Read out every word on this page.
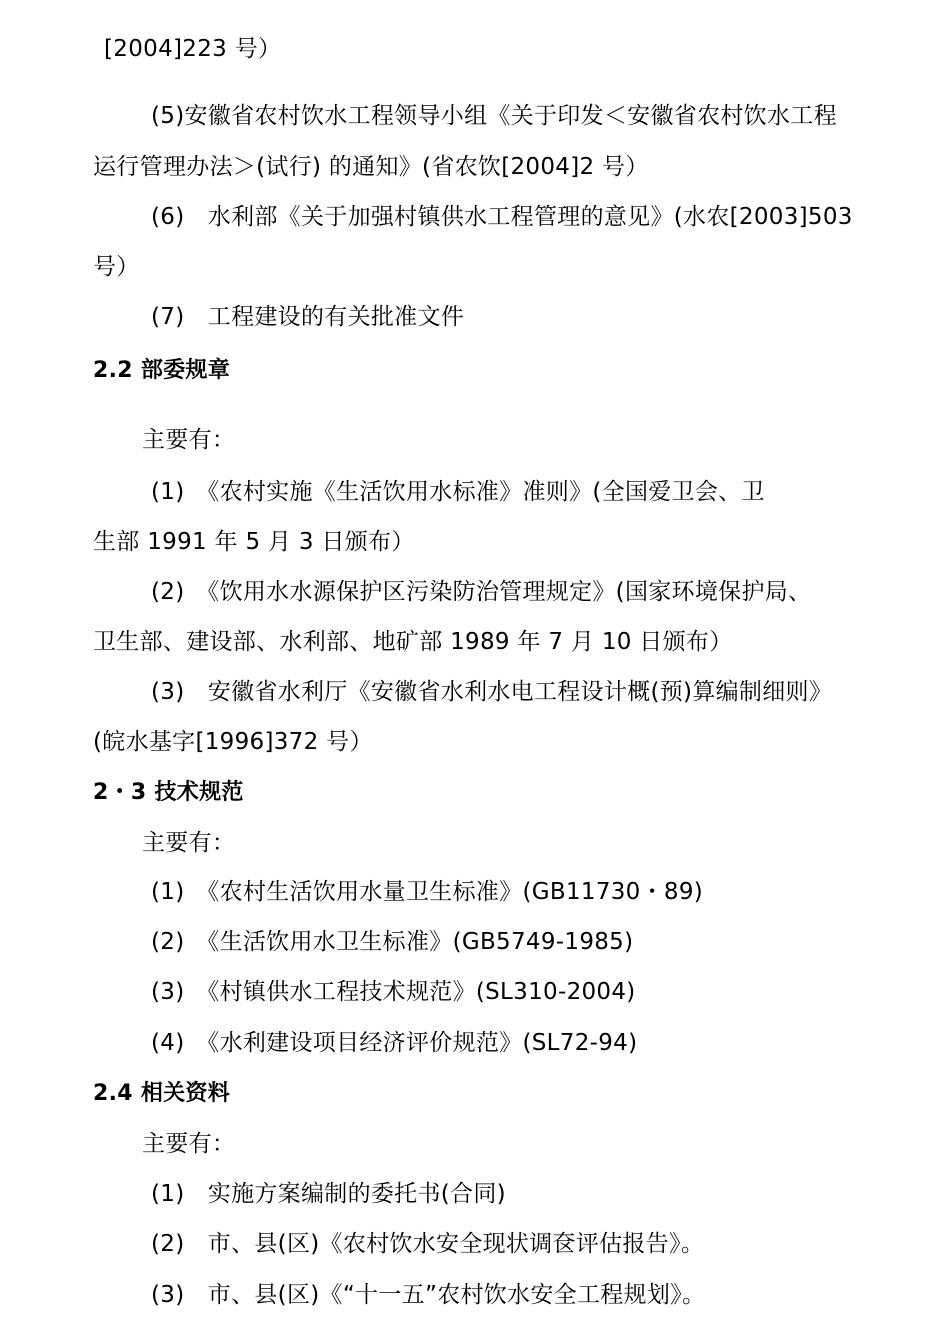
[2004]223 号）
(5)安徽省农村饮水工程领导小组《关于印发＜安徽省农村饮水工程
运行管理办法＞(试行) 的通知》(省农饮[2004]2 号）
(6)　水利部《关于加强村镇供水工程管理的意见》(水农[2003]503
号）
(7)　工程建设的有关批准文件
2.2 部委规章
主要有：
(1)　《农村实施《生活饮用水标准》准则》(全国爱卫会、卫
生部 1991 年 5 月 3 日颁布）
(2)　《饮用水水源保护区污染防治管理规定》(国家环境保护局、
卫生部、建设部、水利部、地矿部 1989 年 7 月 10 日颁布）
(3)　安徽省水利厅《安徽省水利水电工程设计概(预)算编制细则》
(皖水基字[1996]372 号）
2・3 技术规范
主要有：
(1)　《农村生活饮用水量卫生标准》(GB11730・89)
(2)　《生活饮用水卫生标准》(GB5749-1985)
(3)　《村镇供水工程技术规范》(SL310-2004)
(4)　《水利建设项目经济评价规范》(SL72-94)
2.4 相关资料
主要有：
(1)　实施方案编制的委托书(合同)
(2)　市、县(区)《农村饮水安全现状调奁评估报告》。
(3)　市、县(区)《“十一五”农村饮水安全工程规划》。
